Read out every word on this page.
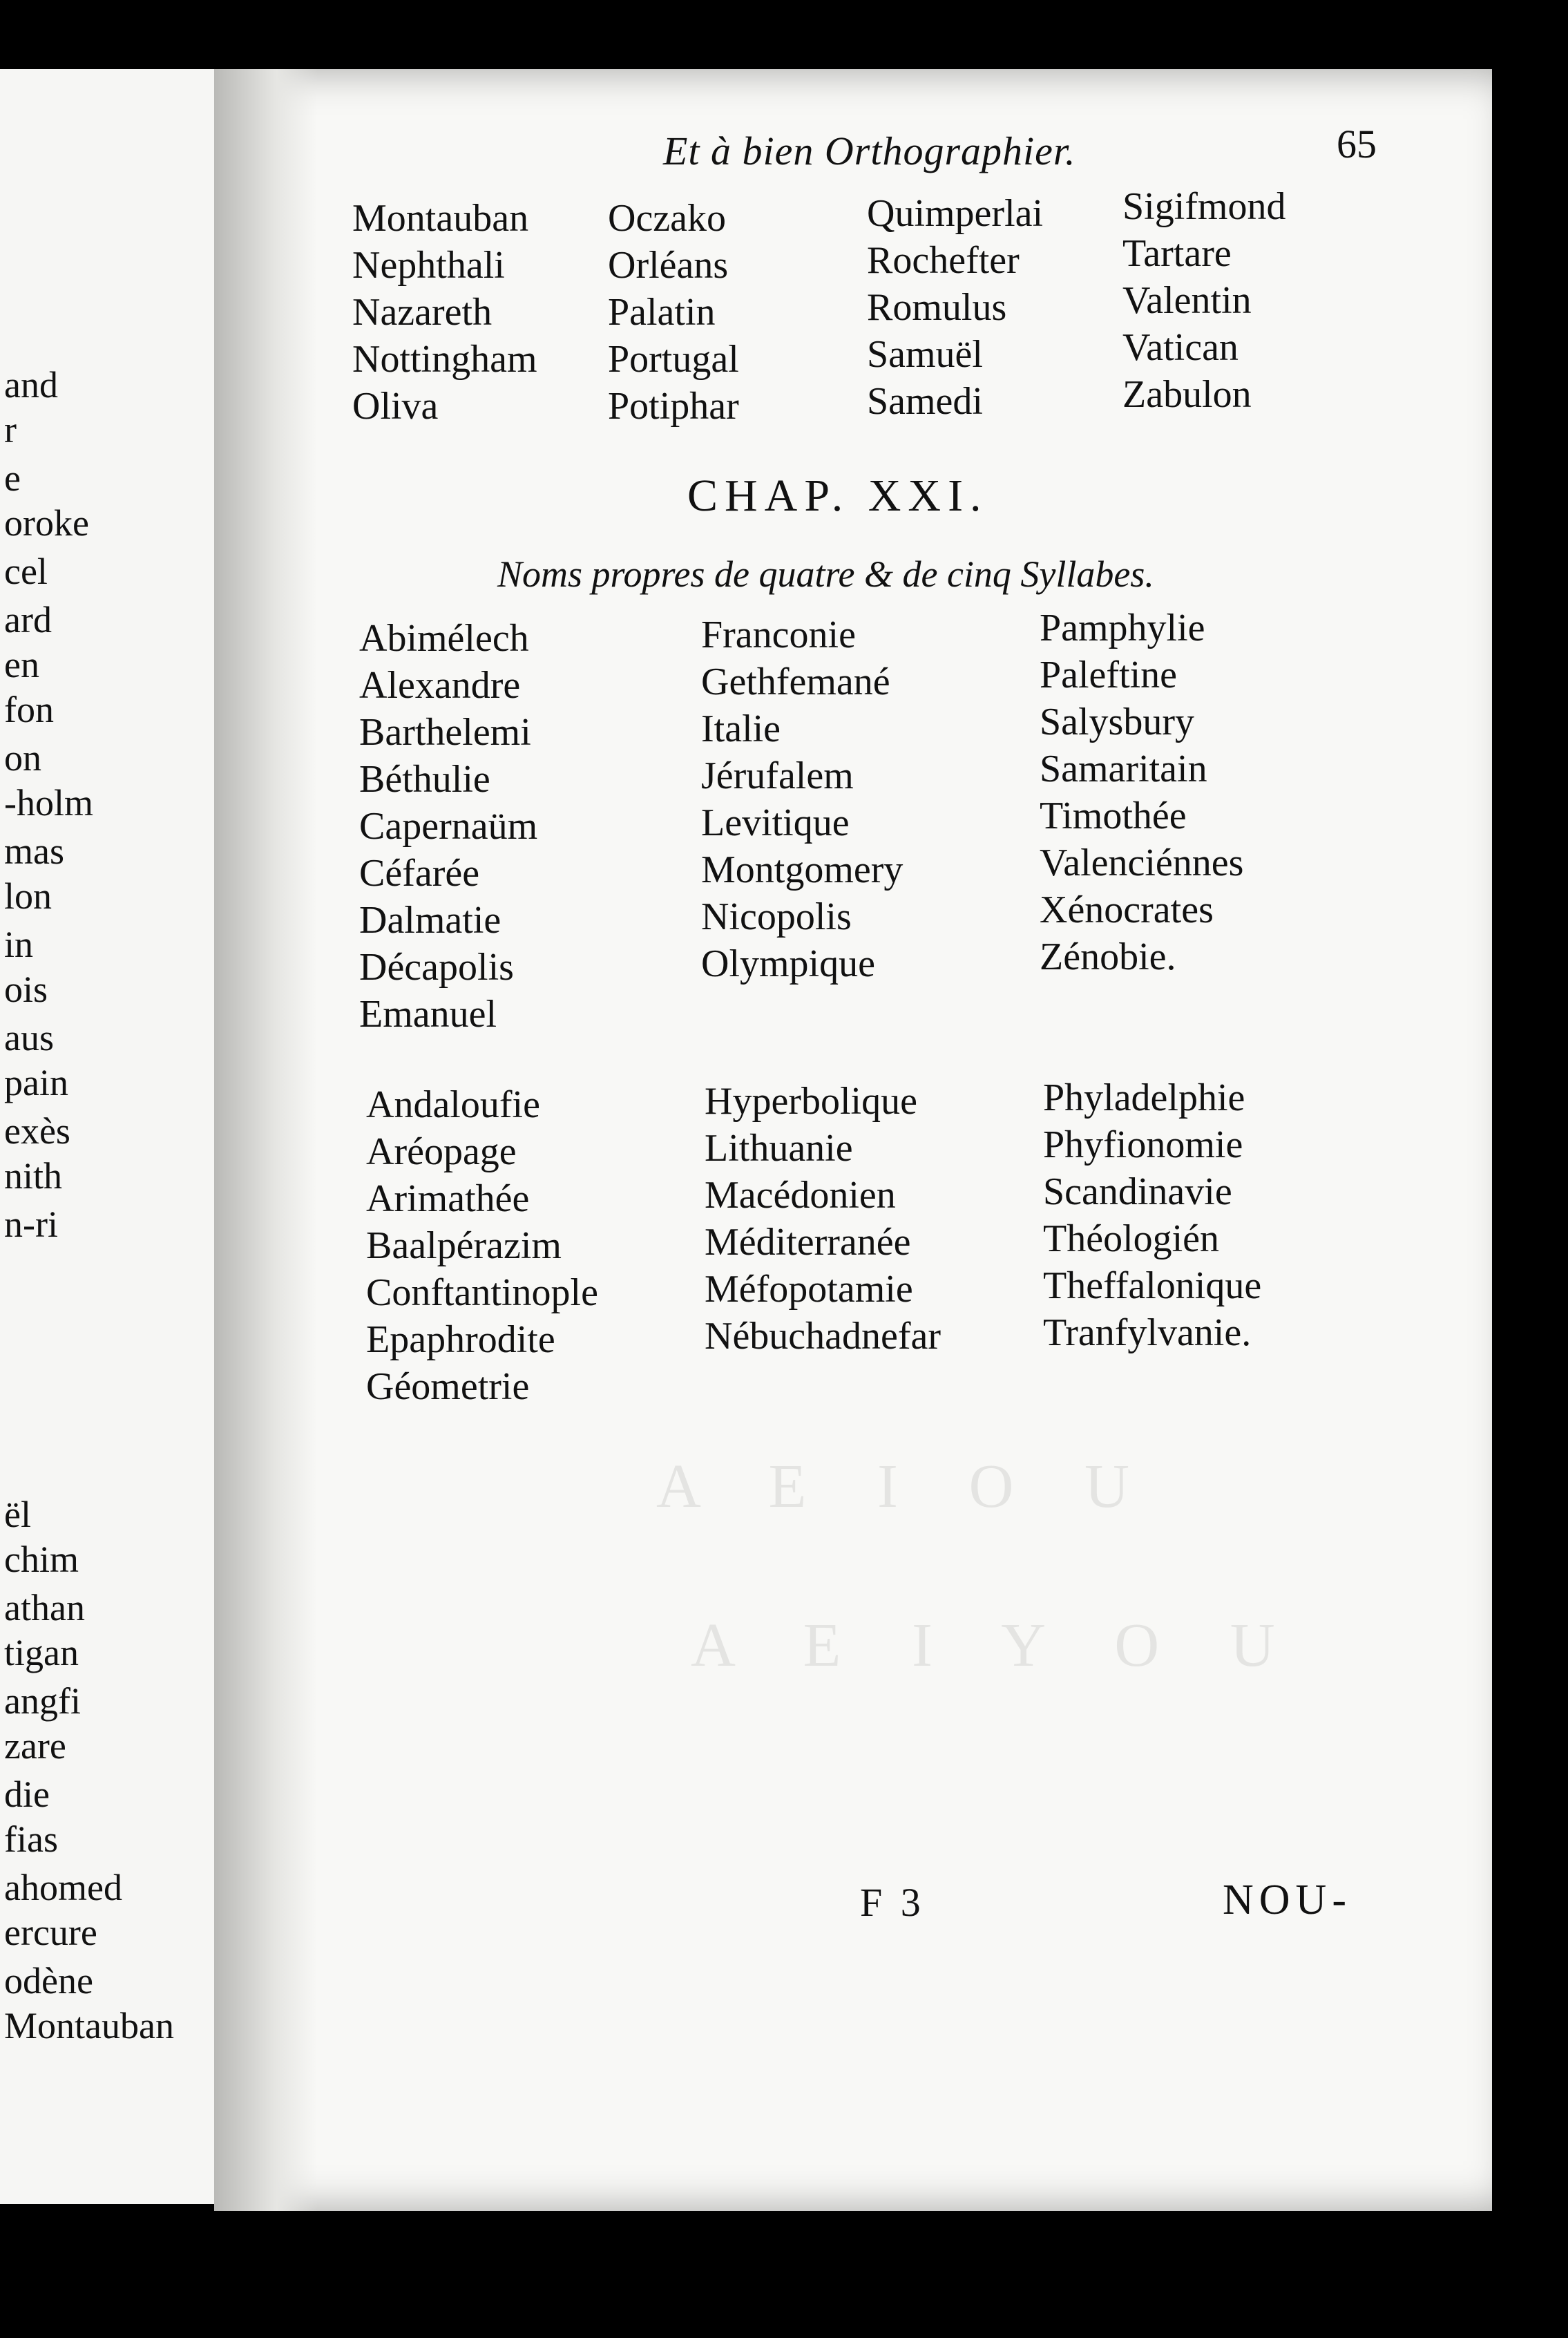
and
r
e
oroke
cel
ard
en
fon
on
-holm
mas
lon
in
ois
aus
pain
exès
nith
n-ri
ël
chim
athan
tigan
angfi
zare
die
fias
ahomed
ercure
odène
Montauban
A E I O U
A E I Y O U
Et à bien Orthographier.	65
Montauban
Nephthali
Nazareth
Nottingham
Oliva
Oczako
Orléans
Palatin
Portugal
Potiphar
Quimperlai
Rochefter
Romulus
Samuël
Samedi
Sigifmond
Tartare
Valentin
Vatican
Zabulon
CHAP. XXI.
Noms propres de quatre & de cinq Syllabes.
Abimélech
Alexandre
Barthelemi
Béthulie
Capernaüm
Céfarée
Dalmatie
Décapolis
Emanuel
Franconie
Gethfemané
Italie
Jérufalem
Levitique
Montgomery
Nicopolis
Olympique
Pamphylie
Paleftine
Salysbury
Samaritain
Timothée
Valenciénnes
Xénocrates
Zénobie.
Andaloufie
Aréopage
Arimathée
Baalpérazim
Conftantinople
Epaphrodite
Géometrie
Hyperbolique
Lithuanie
Macédonien
Méditerranée
Méfopotamie
Nébuchadnefar
Phyladelphie
Phyfionomie
Scandinavie
Théologién
Theffalonique
Tranfylvanie.
F 3	NOU-
